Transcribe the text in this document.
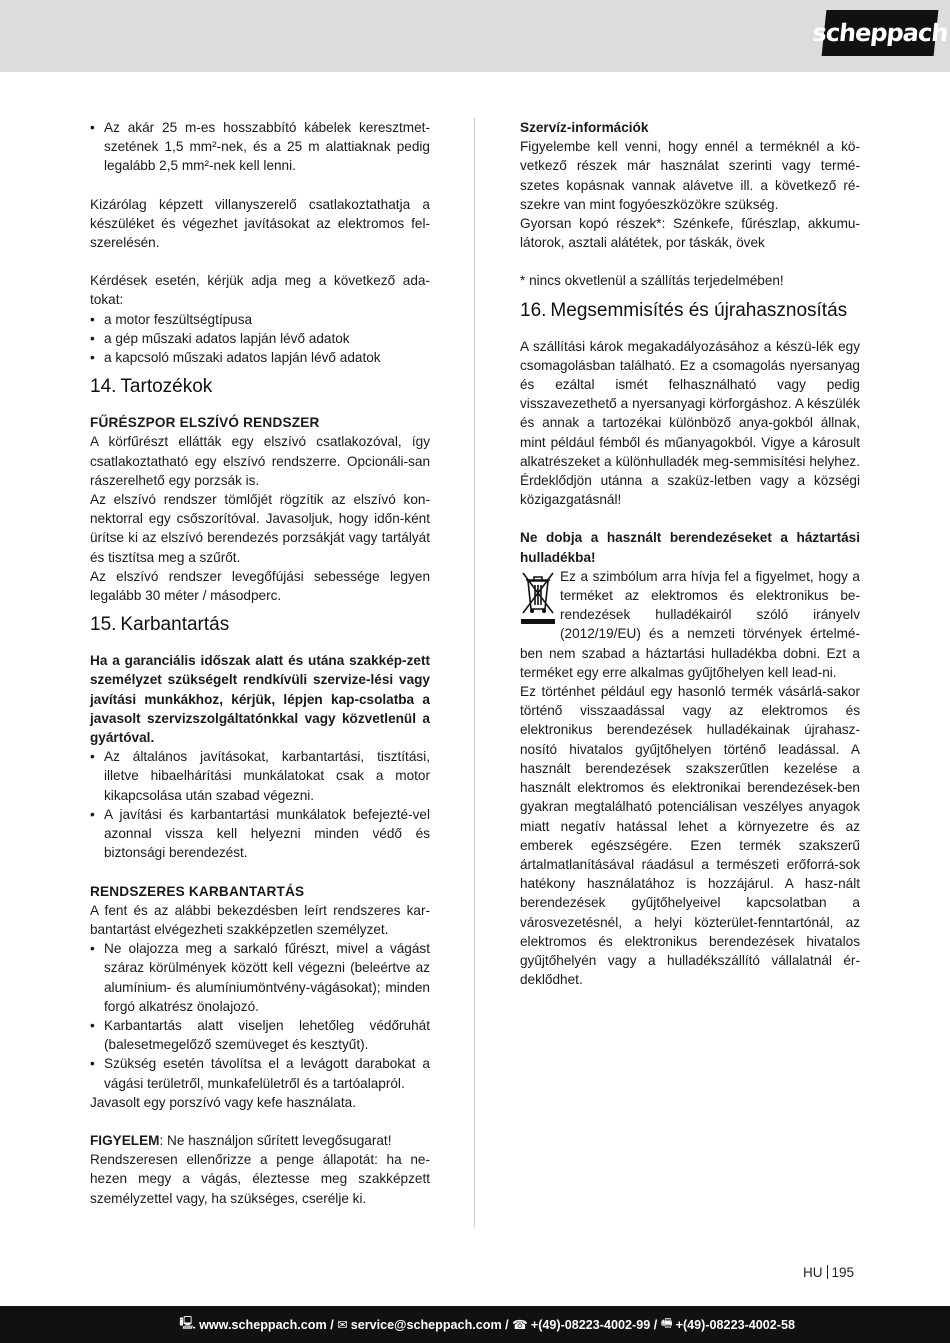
scheppach
• Az akár 25 m-es hosszabbító kábelek keresztmet-szetének 1,5 mm²-nek, és a 25 m alattiaknak pedig legalább 2,5 mm²-nek kell lenni.

Kizárólag képzett villanyszerelő csatlakoztathatja a készüléket és végezhet javításokat az elektromos fel-szerelésén.

Kérdések esetén, kérjük adja meg a következő ada-tokat:

• a motor feszültségtípusa
• a gép műszaki adatos lapján lévő adatok
• a kapcsoló műszaki adatos lapján lévő adatok
14. Tartozékok

FŰRÉSZPOR ELSZÍVÓ RENDSZER

A körfűrészt ellátták egy elszívó csatlakozóval, így csatlakoztatható egy elszívó rendszerre. Opcionáli-san rászerelhető egy porzsák is.

Az elszívó rendszer tömlőjét rögzítik az elszívó kon-nektorral egy csőszorítóval. Javasoljuk, hogy időn-ként ürítse ki az elszívó berendezés porzsákját vagy tartályát és tisztítsa meg a szűrőt.

Az elszívó rendszer levegőfújási sebessége legyen legalább 30 méter / másodperc.

15. Karbantartás

Ha a garanciális időszak alatt és utána szakkép-zett személyzet szükségelt rendkívüli szervize-lési vagy javítási munkákhoz, kérjük, lépjen kap-csolatba a javasolt szervizszolgáltatónkkal vagy közvetlenül a gyártóval.

• Az általános javításokat, karbantartási, tisztítási, illetve hibaelhárítási munkálatokat csak a motor kikapcsolása után szabad végezni.
• A javítási és karbantartási munkálatok befejezté-vel azonnal vissza kell helyezni minden védő és biztonsági berendezést.

RENDSZERES KARBANTARTÁS

A fent és az alábbi bekezdésben leírt rendszeres kar-bantartást elvégezheti szakképzetlen személyzet.

• Ne olajozza meg a sarkaló fűrészt, mivel a vágást száraz körülmények között kell végezni (beleértve az alumínium- és alumíniumöntvény-vágásokat); minden forgó alkatrész önolajozó.
• Karbantartás alatt viseljen lehetőleg védőruhát (balesetmegelőző szemüveget és kesztyűt).
• Szükség esetén távolítsa el a levágott darabokat a vágási területről, munkafelületről és a tartóalapról.

Javasolt egy porszívó vagy kefe használata.

FIGYELEM: Ne használjon sűrített levegősugarat!

Rendszeresen ellenőrizze a penge állapotát: ha ne-hezen megy a vágás, éleztesse meg szakképzett személyzettel vagy, ha szükséges, cserélje ki.

Szervíz-információk

Figyelembe kell venni, hogy ennél a terméknél a kö-vetkező részek már használat szerinti vagy termé-szetes kopásnak vannak alávetve ill. a következő ré-szekre van mint fogyóeszközökre szükség.

Gyorsan kopó részek*: Szénkefe, fűrészlap, akkumu-látorok, asztali alátétek, por táskák, övek

* nincs okvetlenül a szállítás terjedelmében!

16. Megsemmisítés és újrahasznosítás

A szállítási károk megakadályozásához a készü-lék egy csomagolásban található. Ez a csomagolás nyersanyag és ezáltal ismét felhasználható vagy pedig visszavezethető a nyersanyagi körforgáshoz. A készülék és annak a tartozékai különböző anya-gokból állnak, mint például fémből és műanyagokból. Vigye a károsult alkatrészeket a különhulladék meg-semmisítési helyhez. Érdeklődjön utánna a szaküz-letben vagy a községi közigazgatásnál!

Ne dobja a használt berendezéseket a háztartási hulladékba!

Ez a szimbólum arra hívja fel a figyelmet, hogy a terméket az elektromos és elektronikus be-rendezések hulladékairól szóló irányelv (2012/19/EU) és a nemzeti törvények értelmé-ben nem szabad a háztartási hulladékba dobni. Ezt a terméket egy erre alkalmas gyűjtőhelyen kell lead-ni.

Ez történhet például egy hasonló termék vásárlá-sakor történő visszaadással vagy az elektromos és elektronikus berendezések hulladékainak újrahasz-nosító hivatalos gyűjtőhelyen történő leadással. A használt berendezések szakszerűtlen kezelése a használt elektromos és elektronikai berendezések-ben gyakran megtalálható potenciálisan veszélyes anyagok miatt negatív hatással lehet a környezetre és az emberek egészségére. Ezen termék szakszerű ártalmatlanításával ráadásul a természeti erőforrá-sok hatékony használatához is hozzájárul. A hasz-nált berendezések gyűjtőhelyeivel kapcsolatban a városvezetésnél, a helyi közterület-fenntartónál, az elektromos és elektronikus berendezések hivatalos gyűjtőhelyén vagy a hulladékszállító vállalatnál ér-deklődhet.

HU 195
🖳 www.scheppach.com /
✉ service@scheppach.com /
☎ +(49)-08223-4002-99 /
🖷 +(49)-08223-4002-58
